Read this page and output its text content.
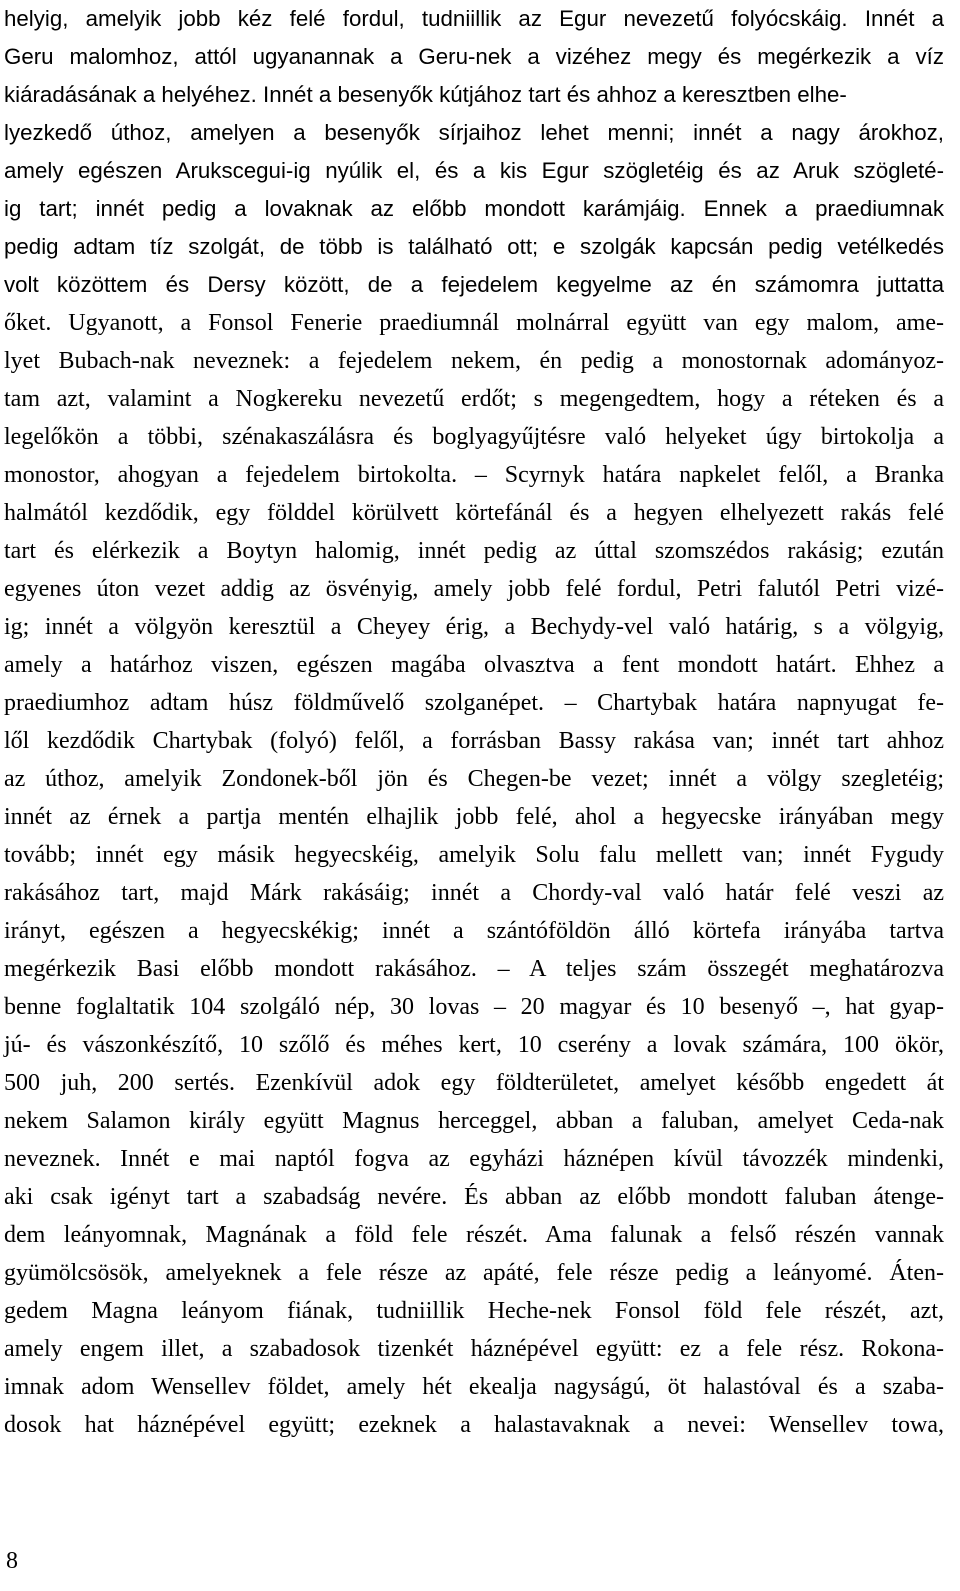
helyig, amelyik jobb kéz felé fordul, tudniillik az Egur nevezetű folyócskáig. Innét a
Geru malomhoz, attól ugyanannak a Geru-nek a vizéhez megy és megérkezik a víz
kiáradásának a helyéhez. Innét a besenyők kútjához tart és ahhoz a keresztben elhe-
lyezkedő úthoz, amelyen a besenyők sírjaihoz lehet menni; innét a nagy árokhoz,
amely egészen Arukscegui-ig nyúlik el, és a kis Egur szögletéig és az Aruk szögleté-
ig tart; innét pedig a lovaknak az előbb mondott karámjáig. Ennek a praediumnak
pedig adtam tíz szolgát, de több is található ott; e szolgák kapcsán pedig vetélkedés
volt közöttem és Dersy között, de a fejedelem kegyelme az én számomra juttatta
őket. Ugyanott, a Fonsol Fenerie praediumnál molnárral együtt van egy malom, ame-
lyet Bubach-nak neveznek: a fejedelem nekem, én pedig a monostornak adományoz-
tam azt, valamint a Nogkereku nevezetű erdőt; s megengedtem, hogy a réteken és a
legelőkön a többi, szénakaszálásra és boglyagyűjtésre való helyeket úgy birtokolja a
monostor, ahogyan a fejedelem birtokolta. – Scyrnyk határa napkelet felől, a Branka
halmától kezdődik, egy földdel körülvett körtefánál és a hegyen elhelyezett rakás felé
tart és elérkezik a Boytyn halomig, innét pedig az úttal szomszédos rakásig; ezután
egyenes úton vezet addig az ösvényig, amely jobb felé fordul, Petri falutól Petri vizé-
ig; innét a völgyön keresztül a Cheyey érig, a Bechydy-vel való határig, s a völgyig,
amely a határhoz viszen, egészen magába olvasztva a fent mondott határt. Ehhez a
praediumhoz adtam húsz földművelő szolganépet. – Chartybak határa napnyugat fe-
lől kezdődik Chartybak (folyó) felől, a forrásban Bassy rakása van; innét tart ahhoz
az úthoz, amelyik Zondonek-ből jön és Chegen-be vezet; innét a völgy szegletéig;
innét az érnek a partja mentén elhajlik jobb felé, ahol a hegyecske irányában megy
tovább; innét egy másik hegyecskéig, amelyik Solu falu mellett van; innét Fygudy
rakásához tart, majd Márk rakásáig; innét a Chordy-val való határ felé veszi az
irányt, egészen a hegyecskékig; innét a szántóföldön álló körtefa irányába tartva
megérkezik Basi előbb mondott rakásához. – A teljes szám összegét meghatározva
benne foglaltatik 104 szolgáló nép, 30 lovas – 20 magyar és 10 besenyő –, hat gyap-
jú- és vászonkészítő, 10 szőlő és méhes kert, 10 cserény a lovak számára, 100 ökör,
500 juh, 200 sertés. Ezenkívül adok egy földterületet, amelyet később engedett át
nekem Salamon király együtt Magnus herceggel, abban a faluban, amelyet Ceda-nak
neveznek. Innét e mai naptól fogva az egyházi háznépen kívül távozzék mindenki,
aki csak igényt tart a szabadság nevére. És abban az előbb mondott faluban átenge-
dem leányomnak, Magnának a föld fele részét. Ama falunak a felső részén vannak
gyümölcsösök, amelyeknek a fele része az apáté, fele része pedig a leányomé. Áten-
gedem Magna leányom fiának, tudniillik Heche-nek Fonsol föld fele részét, azt,
amely engem illet, a szabadosok tizenkét háznépével együtt: ez a fele rész. Rokona-
imnak adom Wensellev földet, amely hét ekealja nagyságú, öt halastóval és a szaba-
dosok hat háznépével együtt; ezeknek a halastavaknak a nevei: Wensellev towa,
8
